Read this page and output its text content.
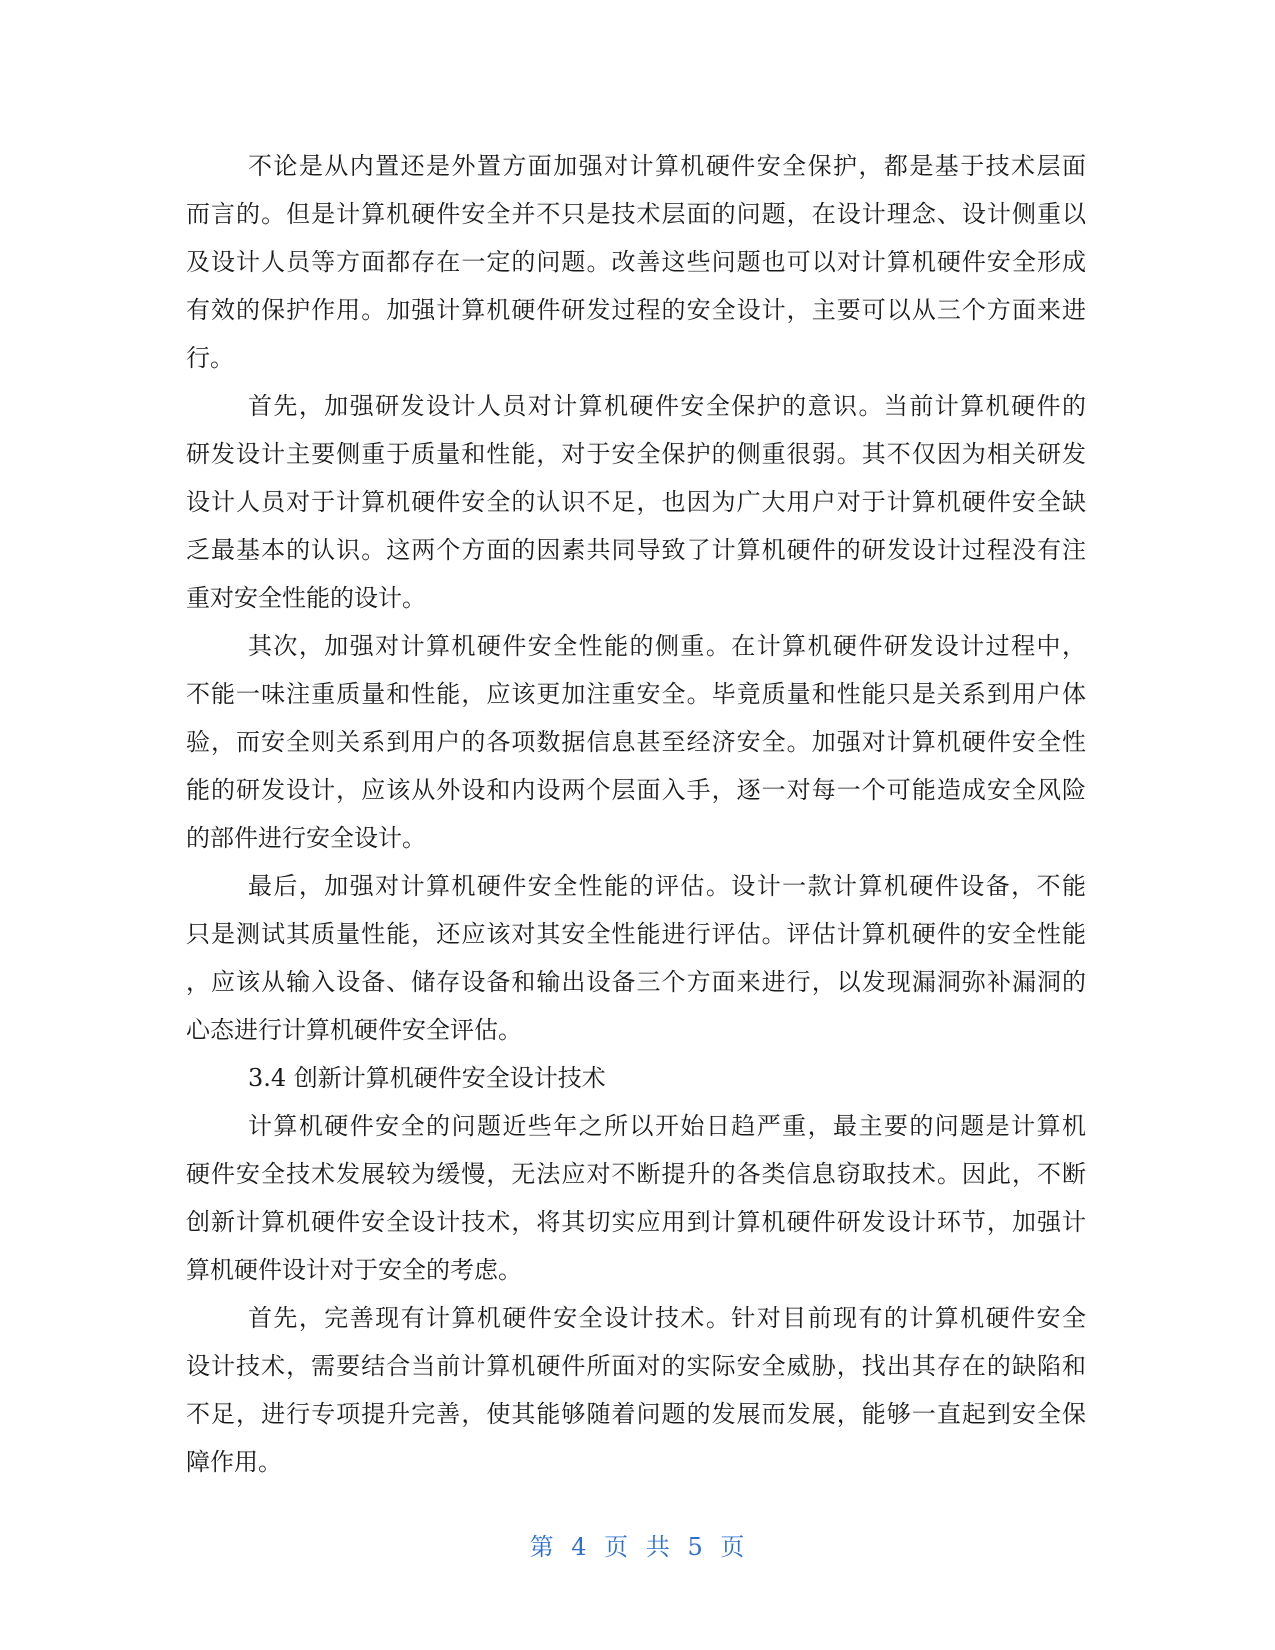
不论是从内置还是外置方面加强对计算机硬件安全保护，都是基于技术层面
而言的。但是计算机硬件安全并不只是技术层面的问题，在设计理念、设计侧重以
及设计人员等方面都存在一定的问题。改善这些问题也可以对计算机硬件安全形成
有效的保护作用。加强计算机硬件研发过程的安全设计，主要可以从三个方面来进
行。
首先，加强研发设计人员对计算机硬件安全保护的意识。当前计算机硬件的
研发设计主要侧重于质量和性能，对于安全保护的侧重很弱。其不仅因为相关研发
设计人员对于计算机硬件安全的认识不足，也因为广大用户对于计算机硬件安全缺
乏最基本的认识。这两个方面的因素共同导致了计算机硬件的研发设计过程没有注
重对安全性能的设计。
其次，加强对计算机硬件安全性能的侧重。在计算机硬件研发设计过程中，
不能一味注重质量和性能，应该更加注重安全。毕竟质量和性能只是关系到用户体
验，而安全则关系到用户的各项数据信息甚至经济安全。加强对计算机硬件安全性
能的研发设计，应该从外设和内设两个层面入手，逐一对每一个可能造成安全风险
的部件进行安全设计。
最后，加强对计算机硬件安全性能的评估。设计一款计算机硬件设备，不能
只是测试其质量性能，还应该对其安全性能进行评估。评估计算机硬件的安全性能
，应该从输入设备、储存设备和输出设备三个方面来进行，以发现漏洞弥补漏洞的
心态进行计算机硬件安全评估。
3.4 创新计算机硬件安全设计技术
计算机硬件安全的问题近些年之所以开始日趋严重，最主要的问题是计算机
硬件安全技术发展较为缓慢，无法应对不断提升的各类信息窃取技术。因此，不断
创新计算机硬件安全设计技术，将其切实应用到计算机硬件研发设计环节，加强计
算机硬件设计对于安全的考虑。
首先，完善现有计算机硬件安全设计技术。针对目前现有的计算机硬件安全
设计技术，需要结合当前计算机硬件所面对的实际安全威胁，找出其存在的缺陷和
不足，进行专项提升完善，使其能够随着问题的发展而发展，能够一直起到安全保
障作用。
第 4 页 共 5 页
